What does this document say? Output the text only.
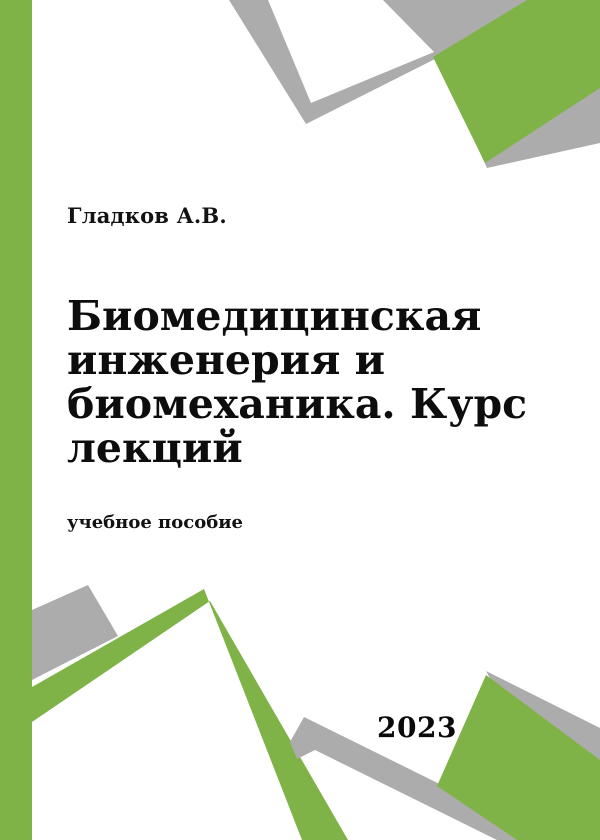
Гладков А.В.
Биомедицинская
инженерия и
биомеханика. Курс
лекций
учебное пособие
2023
